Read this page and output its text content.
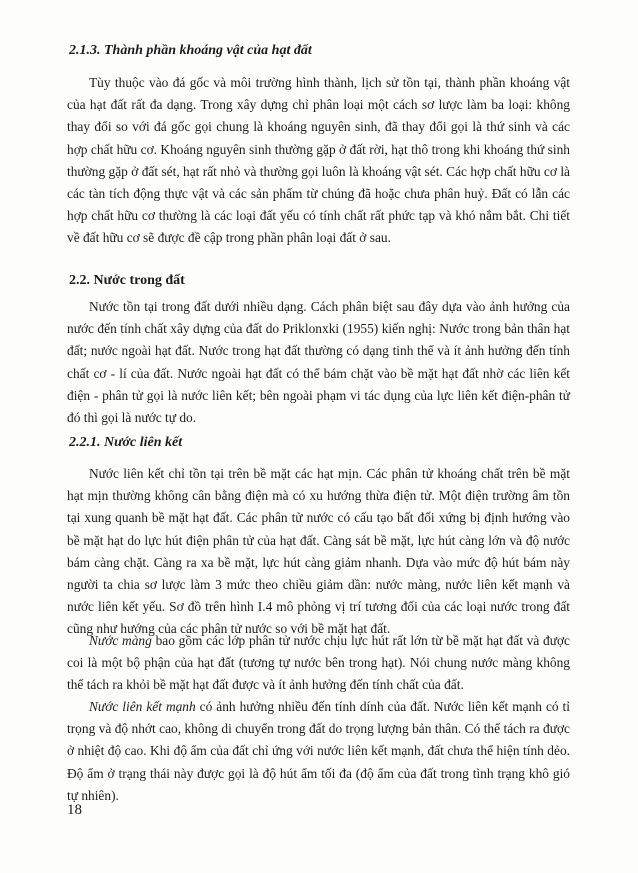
2.1.3. Thành phần khoáng vật của hạt đất

Tùy thuộc vào đá gốc và môi trường hình thành, lịch sử tồn tại, thành phần khoáng vật của hạt đất rất đa dạng. Trong xây dựng chỉ phân loại một cách sơ lược làm ba loại: không thay đổi so với đá gốc gọi chung là khoáng nguyên sinh, đã thay đổi gọi là thứ sinh và các hợp chất hữu cơ. Khoáng nguyên sinh thường gặp ở đất rời, hạt thô trong khi khoáng thứ sinh thường gặp ở đất sét, hạt rất nhỏ và thường gọi luôn là khoáng vật sét. Các hợp chất hữu cơ là các tàn tích động thực vật và các sản phẩm từ chúng đã hoặc chưa phân huỷ. Đất có lẫn các hợp chất hữu cơ thường là các loại đất yếu có tính chất rất phức tạp và khó nắm bắt. Chi tiết về đất hữu cơ sẽ được đề cập trong phần phân loại đất ở sau.

2.2. Nước trong đất

Nước tồn tại trong đất dưới nhiều dạng. Cách phân biệt sau đây dựa vào ảnh hưởng của nước đến tính chất xây dựng của đất do Priklonxki (1955) kiến nghị: Nước trong bản thân hạt đất; nước ngoài hạt đất. Nước trong hạt đất thường có dạng tinh thể và ít ảnh hưởng đến tính chất cơ - lí của đất. Nước ngoài hạt đất có thể bám chặt vào bề mặt hạt đất nhờ các liên kết điện - phân tử gọi là nước liên kết; bên ngoài phạm vi tác dụng của lực liên kết điện-phân tử đó thì gọi là nước tự do.

2.2.1. Nước liên kết

Nước liên kết chỉ tồn tại trên bề mặt các hạt mịn. Các phân tử khoáng chất trên bề mặt hạt mịn thường không cân bằng điện mà có xu hướng thừa điện tử. Một điện trường âm tồn tại xung quanh bề mặt hạt đất. Các phân tử nước có cấu tạo bất đối xứng bị định hướng vào bề mặt hạt do lực hút điện phân tử của hạt đất. Càng sát bề mặt, lực hút càng lớn và độ nước bám càng chặt. Càng ra xa bề mặt, lực hút càng giảm nhanh. Dựa vào mức độ hút bám này người ta chia sơ lược làm 3 mức theo chiều giảm dần: nước màng, nước liên kết mạnh và nước liên kết yếu. Sơ đồ trên hình I.4 mô phỏng vị trí tương đối của các loại nước trong đất cũng như hướng của các phân tử nước so với bề mặt hạt đất.

Nước màng bao gồm các lớp phân tử nước chịu lực hút rất lớn từ bề mặt hạt đất và được coi là một bộ phận của hạt đất (tương tự nước bên trong hạt). Nói chung nước màng không thể tách ra khỏi bề mặt hạt đất được và ít ảnh hưởng đến tính chất của đất.

Nước liên kết mạnh có ảnh hưởng nhiều đến tính dính của đất. Nước liên kết mạnh có tỉ trọng và độ nhớt cao, không di chuyển trong đất do trọng lượng bản thân. Có thể tách ra được ở nhiệt độ cao. Khi độ ẩm của đất chỉ ứng với nước liên kết mạnh, đất chưa thể hiện tính dẻo. Độ ẩm ở trạng thái này được gọi là độ hút ẩm tối đa (độ ẩm của đất trong tình trạng khô gió tự nhiên).

18
